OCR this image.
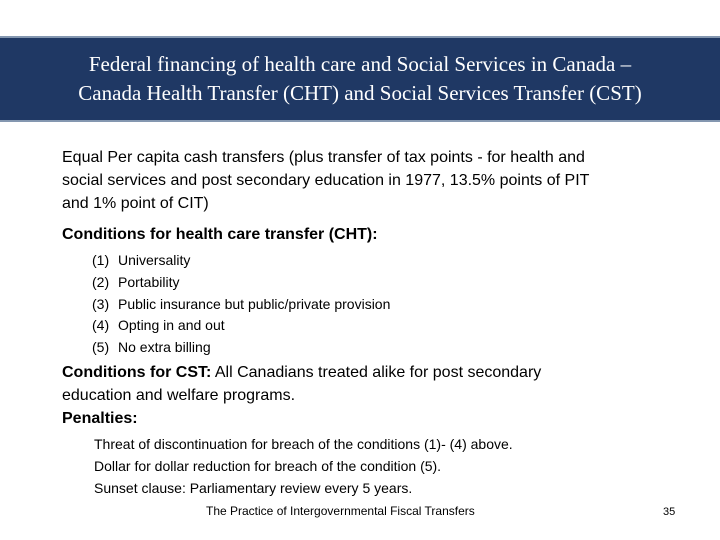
Federal financing of health care and Social Services in Canada –
Canada Health Transfer (CHT) and Social Services Transfer (CST)

Equal Per capita cash transfers (plus transfer of tax points - for health and
social services and post secondary education in 1977, 13.5% points of PIT
and 1% point of CIT)

Conditions for health care transfer (CHT):

(1) Universality
(2) Portability
(3) Public insurance but public/private provision
(4) Opting in and out
(5) No extra billing

Conditions for CST: All Canadians treated alike for post secondary
education and welfare programs.
Penalties:

Threat of discontinuation for breach of the conditions (1)- (4) above.
Dollar for dollar reduction for breach of the condition (5).
Sunset clause: Parliamentary review every 5 years.
The Practice of Intergovernmental Fiscal Transfers	35
